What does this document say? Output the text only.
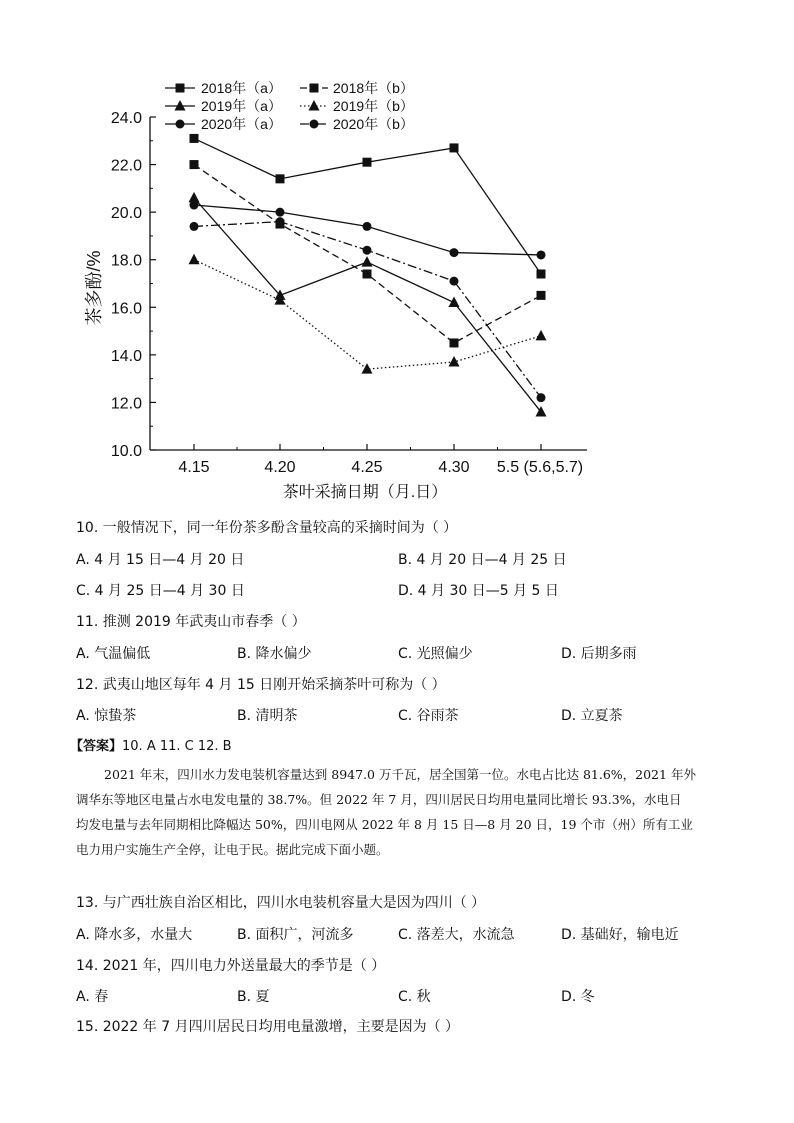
10.0
12.0
14.0
16.0
18.0
20.0
22.0
24.0
4.15	4.20	4.25	4.30 5.5 (5.6,5.7)
2018年（a）
2019年（a）
2020年（a）
2018年（b）
2019年（b）
2020年（b）
茶多酚/%
茶叶采摘日期（月.日）
10. 一般情况下，同一年份茶多酚含量较高的采摘时间为（ ）
A. 4 月 15 日—4 月 20 日	B. 4 月 20 日—4 月 25 日
C. 4 月 25 日—4 月 30 日	D. 4 月 30 日—5 月 5 日
11. 推测 2019 年武夷山市春季（ ）
A. 气温偏低	B. 降水偏少	C. 光照偏少	D. 后期多雨
12. 武夷山地区每年 4 月 15 日刚开始采摘茶叶可称为（ ）
A. 惊蛰茶	B. 清明茶	C. 谷雨茶	D. 立夏茶
【答案】10. A 11. C 12. B
2021 年末，四川水力发电装机容量达到 8947.0 万千瓦，居全国第一位。水电占比达 81.6%，2021 年外
调华东等地区电量占水电发电量的 38.7%。但 2022 年 7 月，四川居民日均用电量同比增长 93.3%，水电日
均发电量与去年同期相比降幅达 50%，四川电网从 2022 年 8 月 15 日—8 月 20 日，19 个市（州）所有工业
电力用户实施生产全停，让电于民。据此完成下面小题。
13. 与广西壮族自治区相比，四川水电装机容量大是因为四川（ ）
A. 降水多，水量大	B. 面积广，河流多	C. 落差大，水流急	D. 基础好，输电近
14. 2021 年，四川电力外送量最大的季节是（ ）
A. 春	B. 夏	C. 秋	D. 冬
15. 2022 年 7 月四川居民日均用电量激增，主要是因为（ ）
